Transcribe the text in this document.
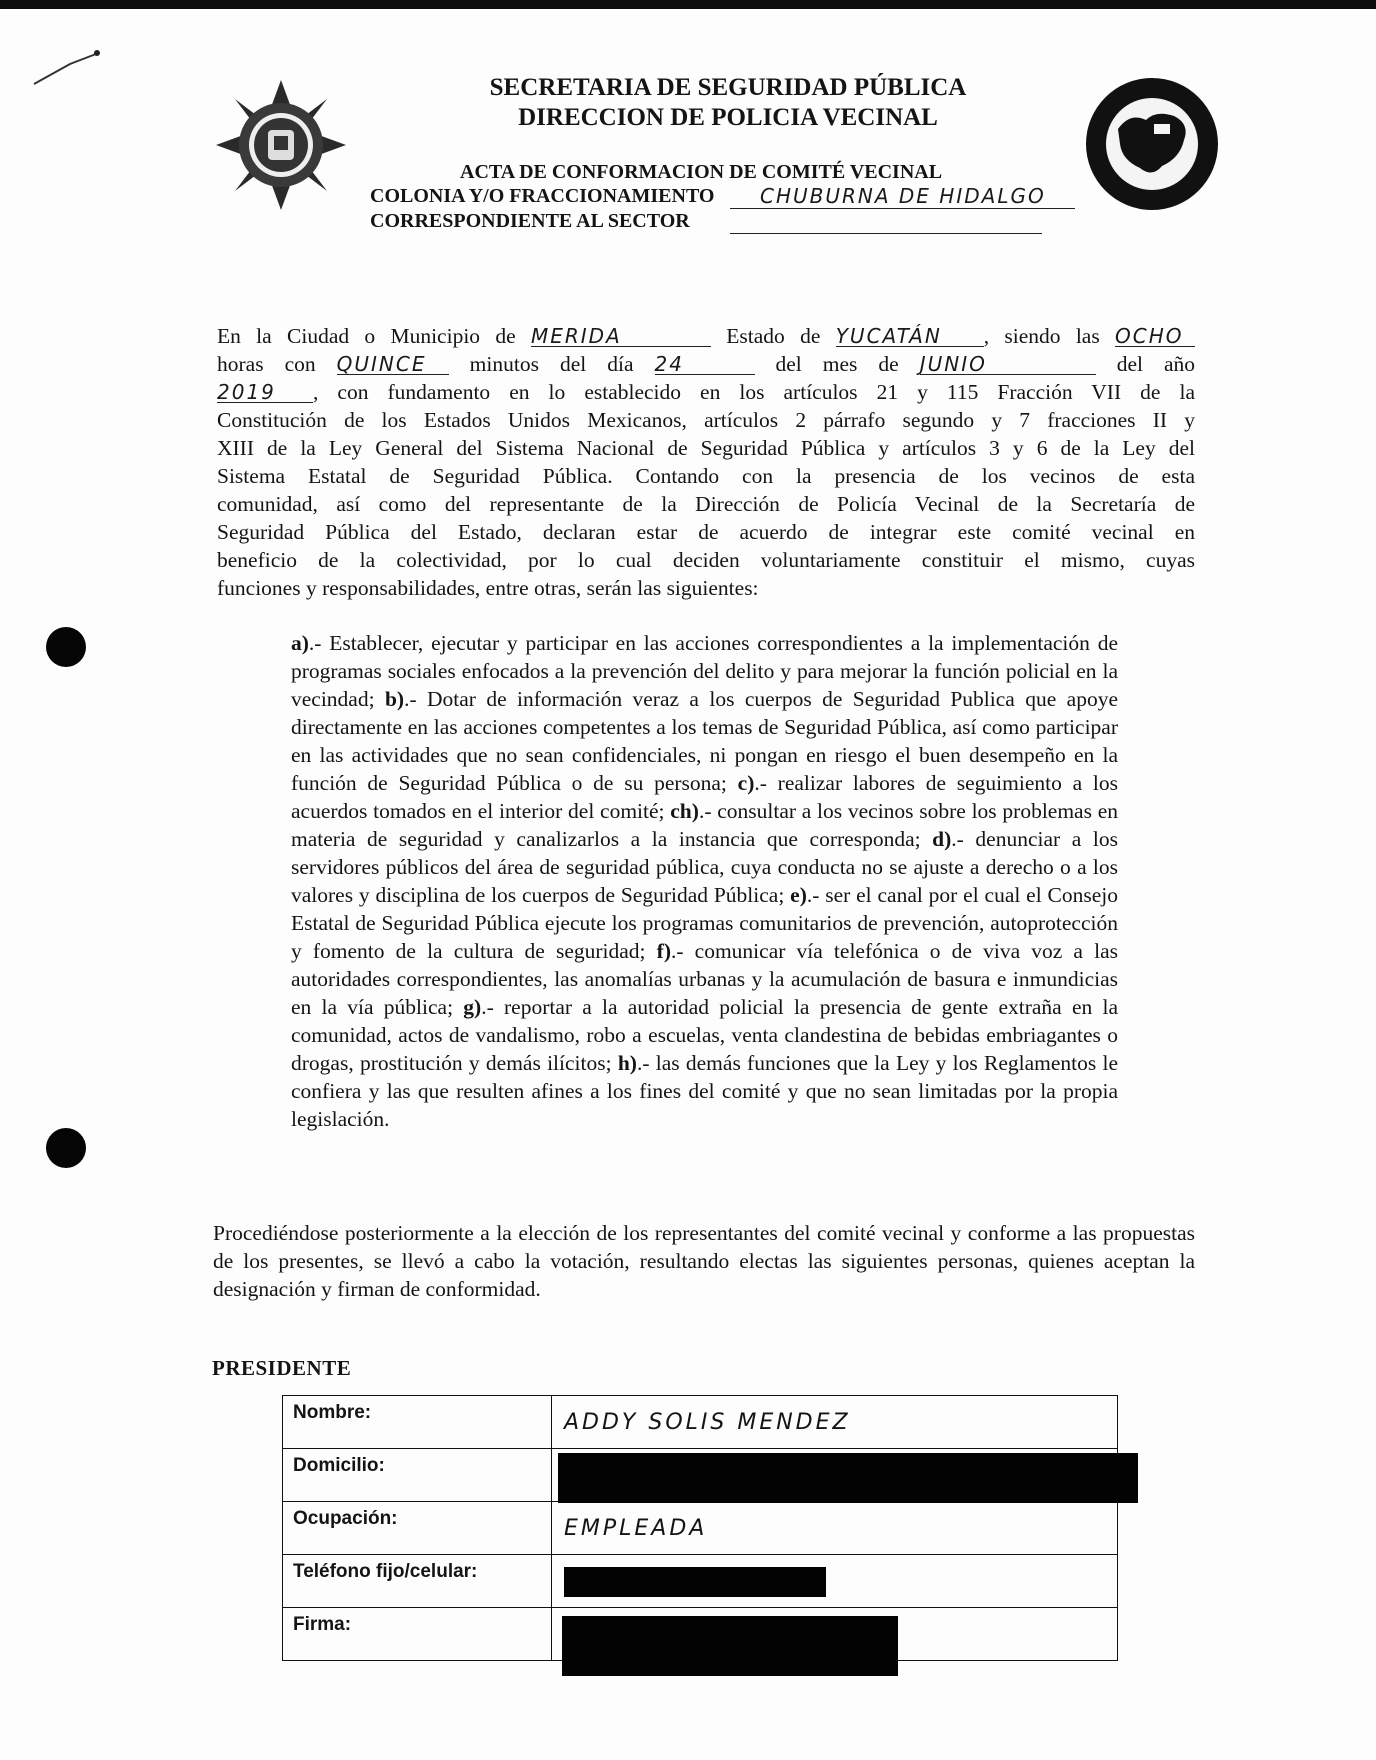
SECRETARIA DE SEGURIDAD PÚBLICA
DIRECCION DE POLICIA VECINAL
ACTA DE CONFORMACION DE COMITÉ VECINAL
COLONIA Y/O FRACCIONAMIENTO	CHUBURNA DE HIDALGO
CORRESPONDIENTE AL SECTOR
En la Ciudad o Municipio de MERIDA	Estado de YUCATÁN , siendo las OCHO
horas con QUINCE minutos del día 24	del mes de JUNIO	del año
2019 , con fundamento en lo establecido en los artículos 21 y 115 Fracción VII de la
Constitución de los Estados Unidos Mexicanos, artículos 2 párrafo segundo y 7 fracciones II y
XIII de la Ley General del Sistema Nacional de Seguridad Pública y artículos 3 y 6 de la Ley del
Sistema Estatal de Seguridad Pública. Contando con la presencia de los vecinos de esta
comunidad, así como del representante de la Dirección de Policía Vecinal de la Secretaría de
Seguridad Pública del Estado, declaran estar de acuerdo de integrar este comité vecinal en
beneficio de la colectividad, por lo cual deciden voluntariamente constituir el mismo, cuyas
funciones y responsabilidades, entre otras, serán las siguientes:
a).- Establecer, ejecutar y participar en las acciones correspondientes a la implementación de programas sociales enfocados a la prevención del delito y para mejorar la función policial en la vecindad; b).- Dotar de información veraz a los cuerpos de Seguridad Publica que apoye directamente en las acciones competentes a los temas de Seguridad Pública, así como participar en las actividades que no sean confidenciales, ni pongan en riesgo el buen desempeño en la función de Seguridad Pública o de su persona; c).- realizar labores de seguimiento a los acuerdos tomados en el interior del comité; ch).- consultar a los vecinos sobre los problemas en materia de seguridad y canalizarlos a la instancia que corresponda; d).- denunciar a los servidores públicos del área de seguridad pública, cuya conducta no se ajuste a derecho o a los valores y disciplina de los cuerpos de Seguridad Pública; e).- ser el canal por el cual el Consejo Estatal de Seguridad Pública ejecute los programas comunitarios de prevención, autoprotección y fomento de la cultura de seguridad; f).- comunicar vía telefónica o de viva voz a las autoridades correspondientes, las anomalías urbanas y la acumulación de basura e inmundicias en la vía pública; g).- reportar a la autoridad policial la presencia de gente extraña en la comunidad, actos de vandalismo, robo a escuelas, venta clandestina de bebidas embriagantes o drogas, prostitución y demás ilícitos; h).- las demás funciones que la Ley y los Reglamentos le confiera y las que resulten afines a los fines del comité y que no sean limitadas por la propia legislación.
Procediéndose posteriormente a la elección de los representantes del comité vecinal y conforme a las propuestas de los presentes, se llevó a cabo la votación, resultando electas las siguientes personas, quienes aceptan la designación y firman de conformidad.
PRESIDENTE
Nombre:	ADDY SOLIS MENDEZ

Domicilio:	

Ocupación:	EMPLEADA

Teléfono fijo/celular:	

Firma:	
